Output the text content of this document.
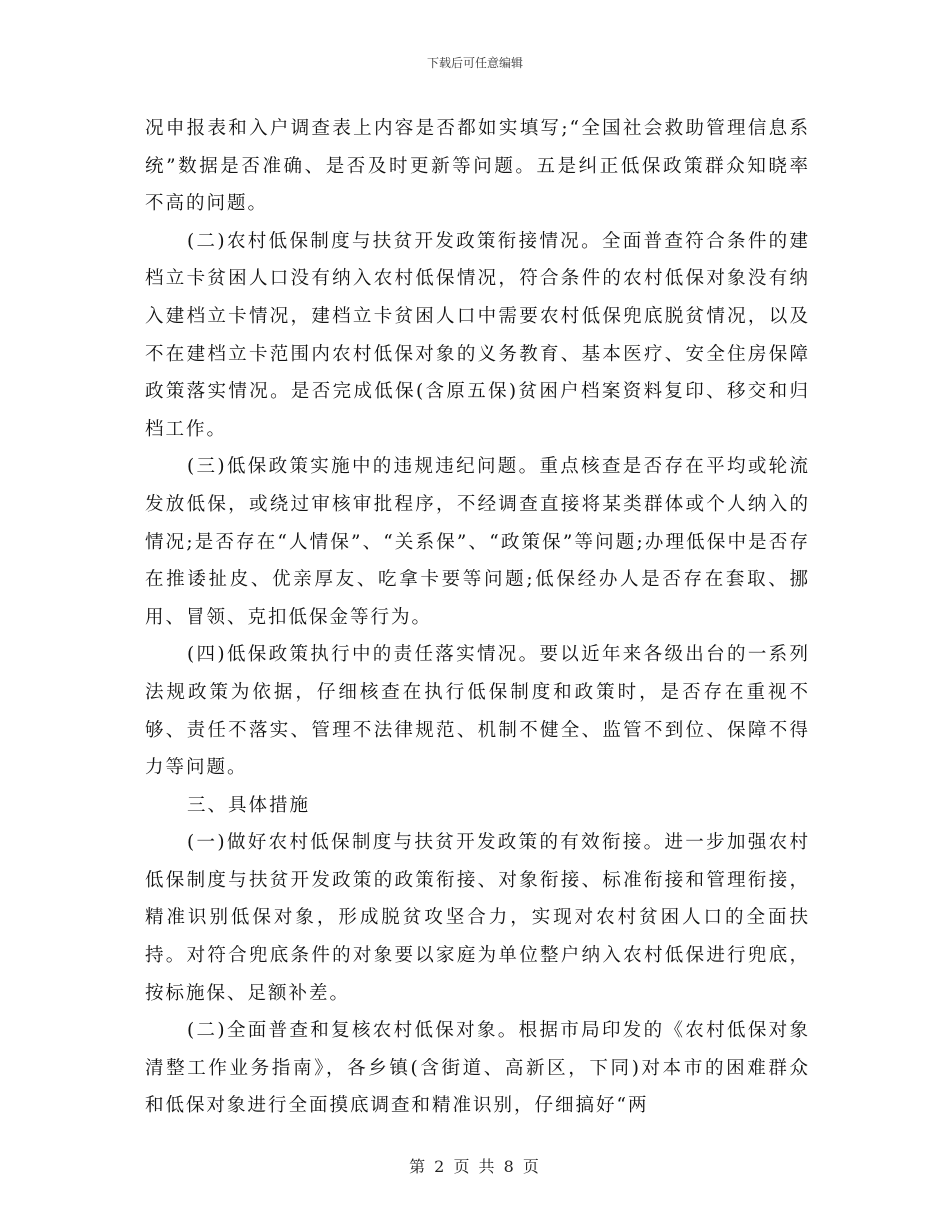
下载后可任意编辑

况申报表和入户调查表上内容是否都如实填写;“全国社会救助管理信息系统”数据是否准确、是否及时更新等问题。五是纠正低保政策群众知晓率不高的问题。

(二)农村低保制度与扶贫开发政策衔接情况。全面普查符合条件的建档立卡贫困人口没有纳入农村低保情况，符合条件的农村低保对象没有纳入建档立卡情况，建档立卡贫困人口中需要农村低保兜底脱贫情况，以及不在建档立卡范围内农村低保对象的义务教育、基本医疗、安全住房保障政策落实情况。是否完成低保(含原五保)贫困户档案资料复印、移交和归档工作。

(三)低保政策实施中的违规违纪问题。重点核查是否存在平均或轮流发放低保，或绕过审核审批程序，不经调查直接将某类群体或个人纳入的情况;是否存在“人情保”、“关系保”、“政策保”等问题;办理低保中是否存在推诿扯皮、优亲厚友、吃拿卡要等问题;低保经办人是否存在套取、挪用、冒领、克扣低保金等行为。

(四)低保政策执行中的责任落实情况。要以近年来各级出台的一系列法规政策为依据，仔细核查在执行低保制度和政策时，是否存在重视不够、责任不落实、管理不法律规范、机制不健全、监管不到位、保障不得力等问题。

三、具体措施

(一)做好农村低保制度与扶贫开发政策的有效衔接。进一步加强农村低保制度与扶贫开发政策的政策衔接、对象衔接、标准衔接和管理衔接，精准识别低保对象，形成脱贫攻坚合力，实现对农村贫困人口的全面扶持。对符合兜底条件的对象要以家庭为单位整户纳入农村低保进行兜底，按标施保、足额补差。

(二)全面普查和复核农村低保对象。根据市局印发的《农村低保对象清整工作业务指南》，各乡镇(含街道、高新区，下同)对本市的困难群众和低保对象进行全面摸底调查和精准识别，仔细搞好“两

第 2 页 共 8 页
